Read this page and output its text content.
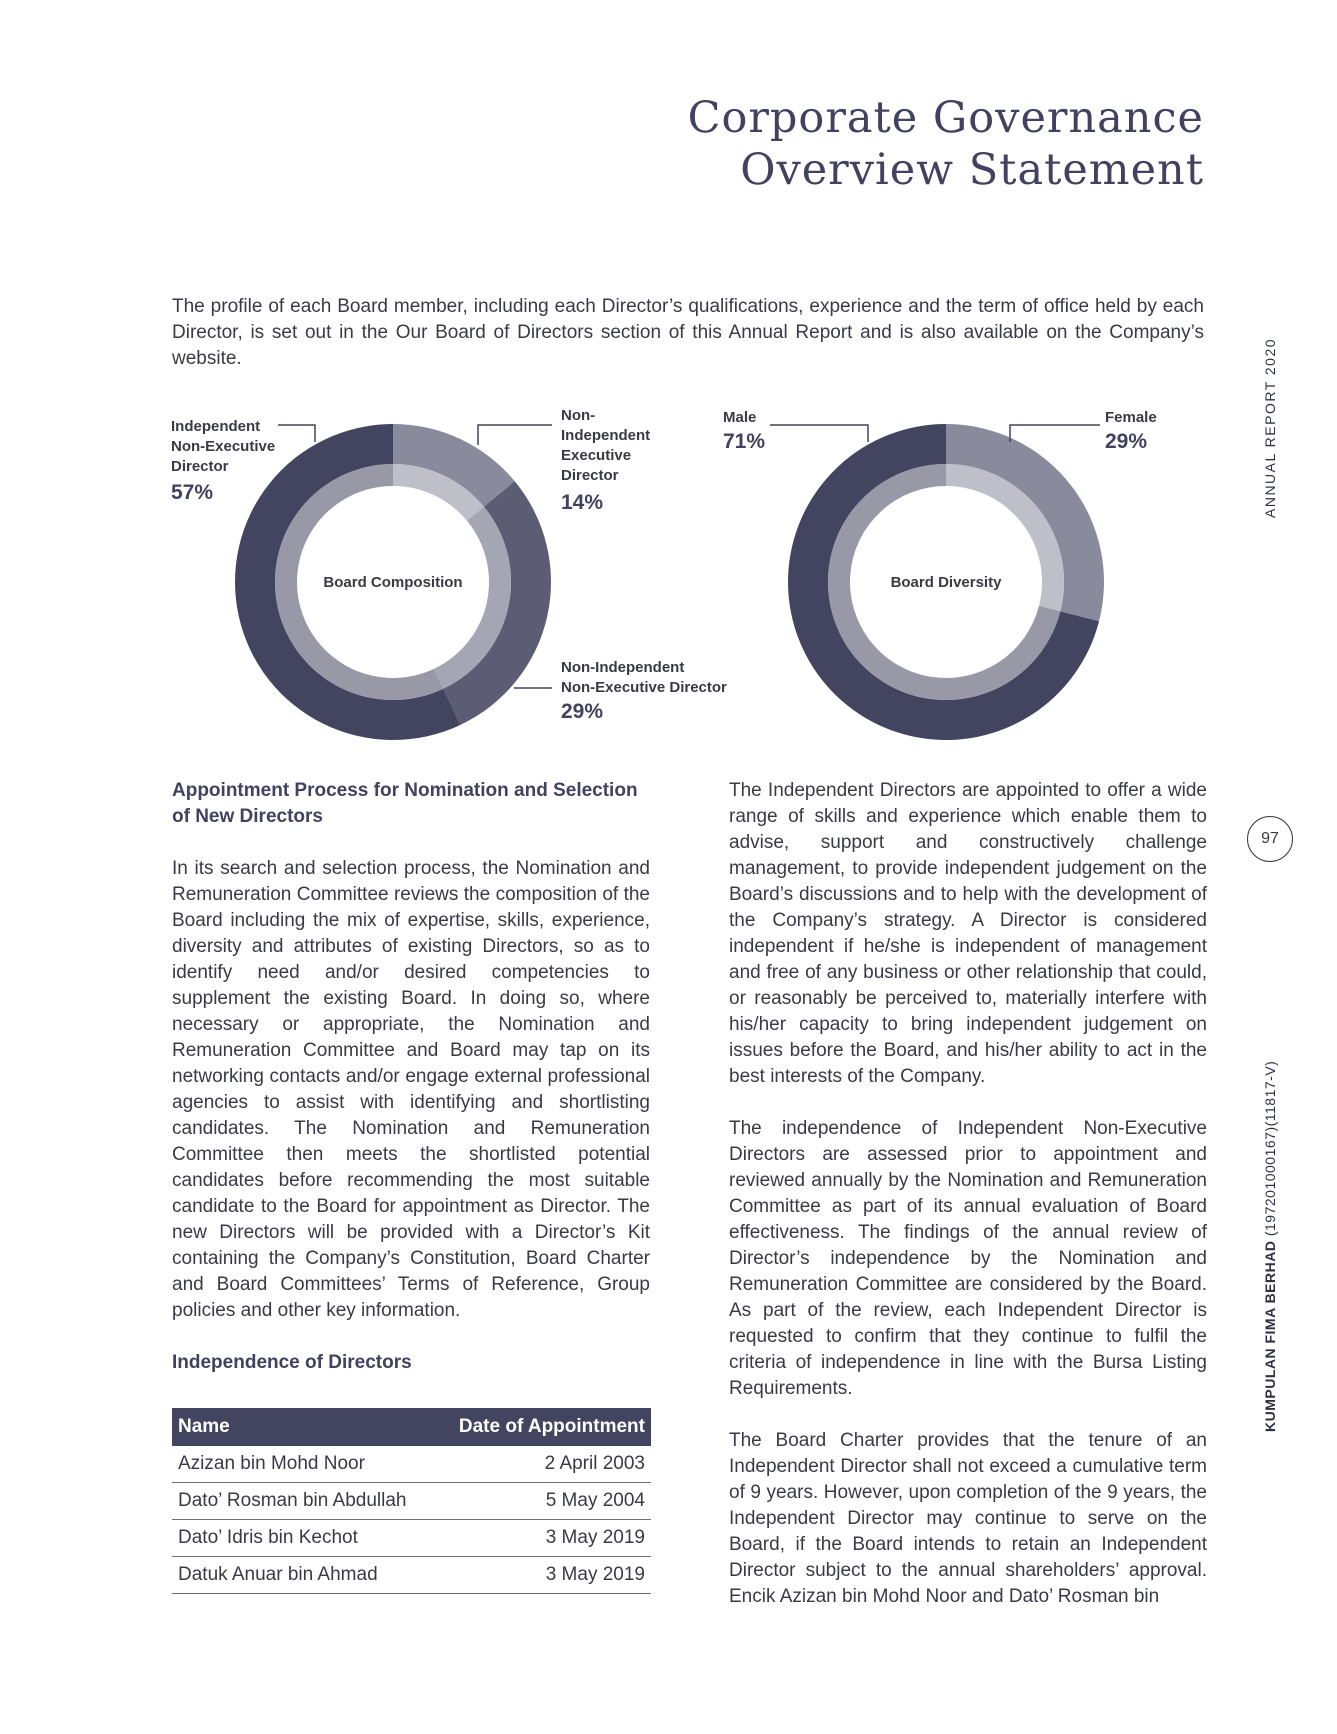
Corporate Governance
Overview Statement
The profile of each Board member, including each Director’s qualifications, experience and the term of office held by each Director, is set out in the Our Board of Directors section of this Annual Report and is also available on the Company’s website.	ANNUAL REPORT 2020
KUMPULAN FIMA BERHAD (197201000167)(11817-V)
97
Independent
Non-Executive
Director
57%
Non-
Independent
Executive
Director
14%
Non-Independent
Non-Executive Director
29%
Male
71%
Female
29%
Board Composition	Board Diversity

Appointment Process for Nomination and Selection of New Directors

In its search and selection process, the Nomination and Remuneration Committee reviews the composition of the Board including the mix of expertise, skills, experience, diversity and attributes of existing Directors, so as to identify need and/or desired competencies to supplement the existing Board. In doing so, where necessary or appropriate, the Nomination and Remuneration Committee and Board may tap on its networking contacts and/or engage external professional agencies to assist with identifying and shortlisting candidates. The Nomination and Remuneration Committee then meets the shortlisted potential candidates before recommending the most suitable candidate to the Board for appointment as Director. The new Directors will be provided with a Director’s Kit containing the Company’s Constitution, Board Charter and Board Committees’ Terms of Reference, Group policies and other key information.

Independence of Directors

Name	Date of Appointment
Azizan bin Mohd Noor	2 April 2003
Dato’ Rosman bin Abdullah	5 May 2004
Dato’ Idris bin Kechot	3 May 2019
Datuk Anuar bin Ahmad	3 May 2019

The Independent Directors are appointed to offer a wide range of skills and experience which enable them to advise, support and constructively challenge management, to provide independent judgement on the Board’s discussions and to help with the development of the Company’s strategy. A Director is considered independent if he/she is independent of management and free of any business or other relationship that could, or reasonably be perceived to, materially interfere with his/her capacity to bring independent judgement on issues before the Board, and his/her ability to act in the best interests of the Company.

The independence of Independent Non-Executive Directors are assessed prior to appointment and reviewed annually by the Nomination and Remuneration Committee as part of its annual evaluation of Board effectiveness. The findings of the annual review of Director’s independence by the Nomination and Remuneration Committee are considered by the Board. As part of the review, each Independent Director is requested to confirm that they continue to fulfil the criteria of independence in line with the Bursa Listing Requirements.

The Board Charter provides that the tenure of an Independent Director shall not exceed a cumulative term of 9 years. However, upon completion of the 9 years, the Independent Director may continue to serve on the Board, if the Board intends to retain an Independent Director subject to the annual shareholders’ approval. Encik Azizan bin Mohd Noor and Dato’ Rosman bin
